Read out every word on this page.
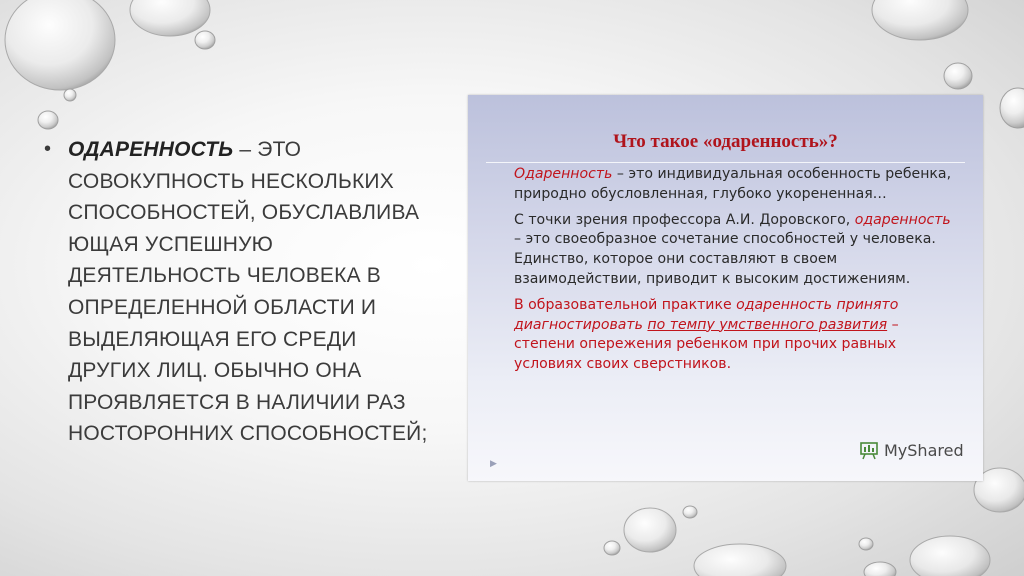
• ОДАРЕННОСТЬ – ЭТО
СОВОКУПНОСТЬ НЕСКОЛЬКИХ
СПОСОБНОСТЕЙ, ОБУСЛАВЛИВА
ЮЩАЯ УСПЕШНУЮ
ДЕЯТЕЛЬНОСТЬ ЧЕЛОВЕКА В
ОПРЕДЕЛЕННОЙ ОБЛАСТИ И
ВЫДЕЛЯЮЩАЯ ЕГО СРЕДИ
ДРУГИХ ЛИЦ. ОБЫЧНО ОНА
ПРОЯВЛЯЕТСЯ В НАЛИЧИИ РАЗ
НОСТОРОННИХ СПОСОБНОСТЕЙ;
Что такое «одаренность»?

Одаренность – это индивидуальная особенность ребенка, природно обусловленная, глубоко укорененная…

С точки зрения профессора А.И. Доровского, одаренность – это своеобразное сочетание способностей у человека. Единство, которое они составляют в своем взаимодействии, приводит к высоким достижениям.

В образовательной практике одаренность принято диагностировать по темпу умственного развития – степени опережения ребенком при прочих равных условиях своих сверстников.

▶
MyShared
